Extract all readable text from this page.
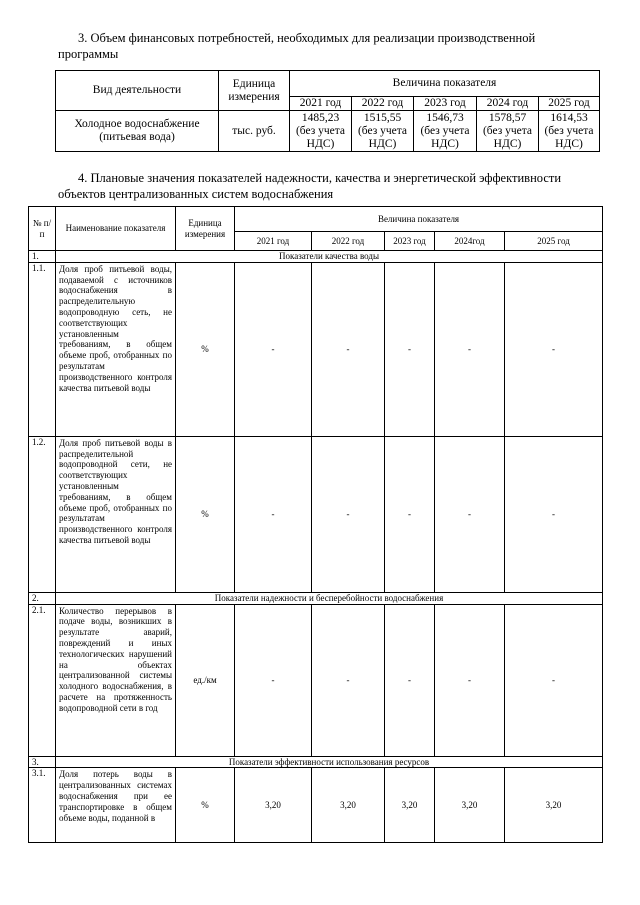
3. Объем финансовых потребностей, необходимых для реализации производственной программы
Вид деятельности	Единица измерения	Величина показателя				
		2021 год	2022 год	2023 год	2024 год	2025 год
Холодное водоснабжение (питьевая вода)	тыс. руб.	1485,23 (без учета НДС)	1515,55 (без учета НДС)	1546,73 (без учета НДС)	1578,57 (без учета НДС)	1614,53 (без учета НДС)
4. Плановые значения показателей надежности, качества и энергетической эффективности объектов централизованных систем водоснабжения
№ п/п	Наименование показателя	Единица измерения	Величина показателя				
			2021 год	2022 год	2023 год	2024год	2025 год
1.	Показатели качества воды						
1.1.	Доля проб питьевой воды, подаваемой с источников водоснабжения в распределительную водопроводную сеть, не соответствующих установленным требованиям, в общем объеме проб, отобранных по результатам производственного контроля качества питьевой воды	%	-	-	-	-	-
1.2.	Доля проб питьевой воды в распределительной водопроводной сети, не соответствующих установленным требованиям, в общем объеме проб, отобранных по результатам производственного контроля качества питьевой воды	%	-	-	-	-	-
2.	Показатели надежности и бесперебойности водоснабжения						
2.1.	Количество перерывов в подаче воды, возникших в результате аварий, повреждений и иных технологических нарушений на объектах централизованной системы холодного водоснабжения, в расчете на протяженность водопроводной сети в год	ед./км	-	-	-	-	-
3.	Показатели эффективности использования ресурсов						
3.1.	Доля потерь воды в централизованных системах водоснабжения при ее транспортировке в общем объеме воды, поданной в	%	3,20	3,20	3,20	3,20	3,20
